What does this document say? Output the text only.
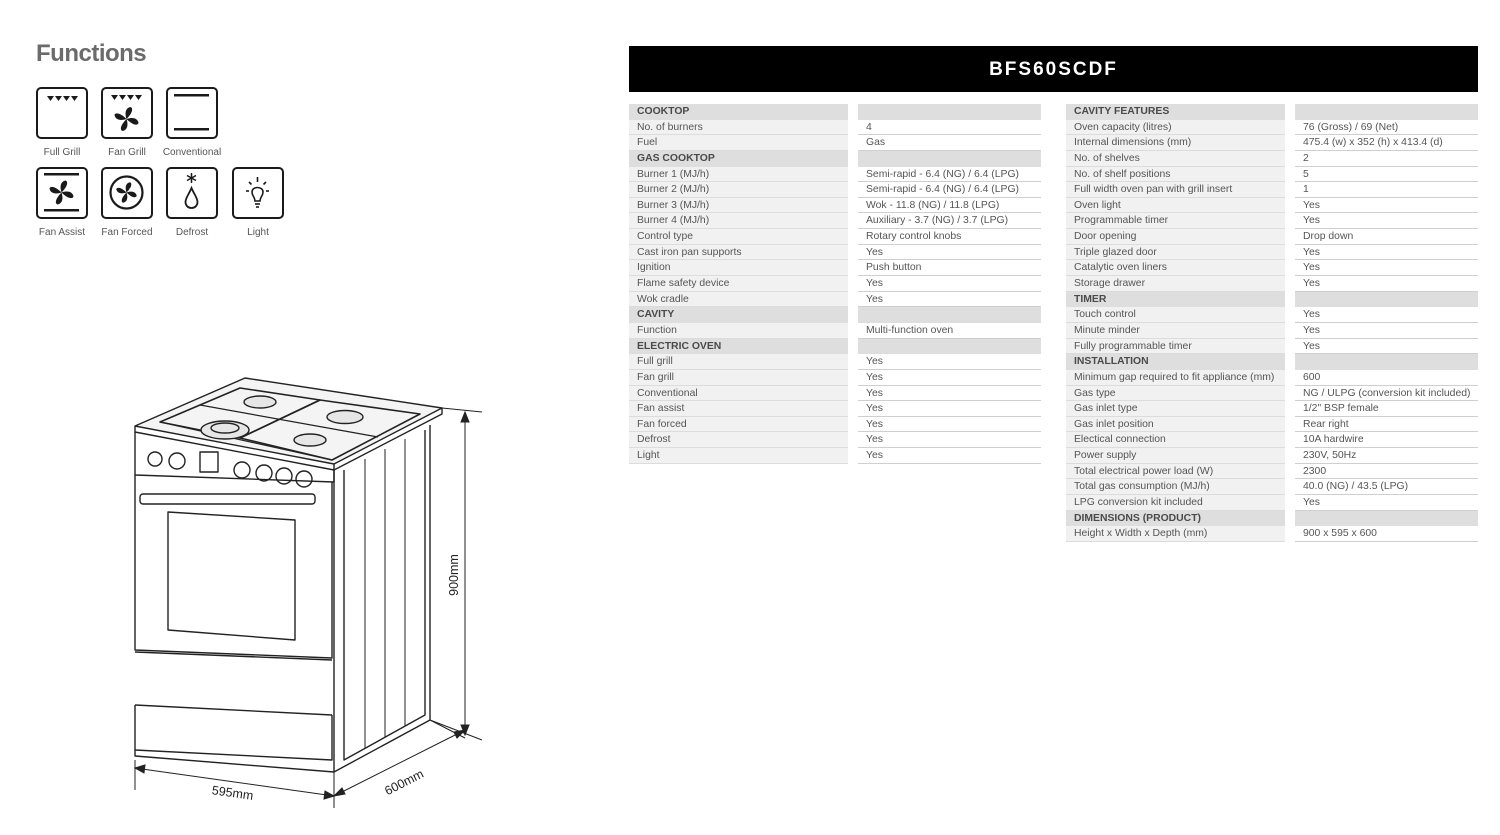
Functions
Full Grill	Fan Grill	Conventional
Fan Assist	Fan Forced	Defrost	Light
900mm
595mm	600mm
BFS60SCDF
COOKTOP
No. of burners	4
Fuel	Gas
GAS COOKTOP
Burner 1 (MJ/h)	Semi-rapid - 6.4 (NG) / 6.4 (LPG)
Burner 2 (MJ/h)	Semi-rapid - 6.4 (NG) / 6.4 (LPG)
Burner 3 (MJ/h)	Wok - 11.8 (NG) / 11.8 (LPG)
Burner 4 (MJ/h)	Auxiliary - 3.7 (NG) / 3.7 (LPG)
Control type	Rotary control knobs
Cast iron pan supports	Yes
Ignition	Push button
Flame safety device	Yes
Wok cradle	Yes
CAVITY
Function	Multi-function oven
ELECTRIC OVEN
Full grill	Yes
Fan grill	Yes
Conventional	Yes
Fan assist	Yes
Fan forced	Yes
Defrost	Yes
Light	Yes
CAVITY FEATURES
Oven capacity (litres)	76 (Gross) / 69 (Net)
Internal dimensions (mm)	475.4 (w) x 352 (h) x 413.4 (d)
No. of shelves	2
No. of shelf positions	5
Full width oven pan with grill insert	1
Oven light	Yes
Programmable timer	Yes
Door opening	Drop down
Triple glazed door	Yes
Catalytic oven liners	Yes
Storage drawer	Yes
TIMER
Touch control	Yes
Minute minder	Yes
Fully programmable timer	Yes
INSTALLATION
Minimum gap required to fit appliance (mm)	600
Gas type	NG / ULPG (conversion kit included)
Gas inlet type	1/2" BSP female
Gas inlet position	Rear right
Electical connection	10A hardwire
Power supply	230V, 50Hz
Total electrical power load (W)	2300
Total gas consumption (MJ/h)	40.0 (NG) / 43.5 (LPG)
LPG conversion kit included	Yes
DIMENSIONS (PRODUCT)
Height x Width x Depth (mm)	900 x 595 x 600
